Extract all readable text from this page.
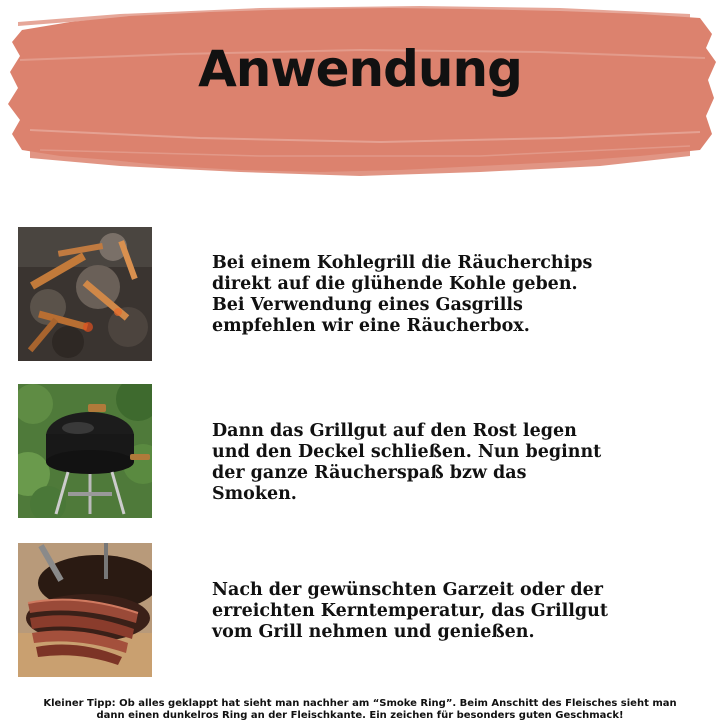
Anwendung

Bei einem Kohlegrill die Räucherchips direkt auf die glühende Kohle geben. Bei Verwendung eines Gasgrills empfehlen wir eine Räucherbox.

Dann das Grillgut auf den Rost legen und den Deckel schließen. Nun beginnt der ganze Räucherspaß bzw das Smoken.

Nach der gewünschten Garzeit oder der erreichten Kerntemperatur, das Grillgut vom Grill nehmen und genießen.

Kleiner Tipp: Ob alles geklappt hat sieht man nachher am “Smoke Ring”. Beim Anschitt des Fleisches sieht man dann einen dunkelros Ring an der Fleischkante. Ein zeichen für besonders guten Geschmack!
